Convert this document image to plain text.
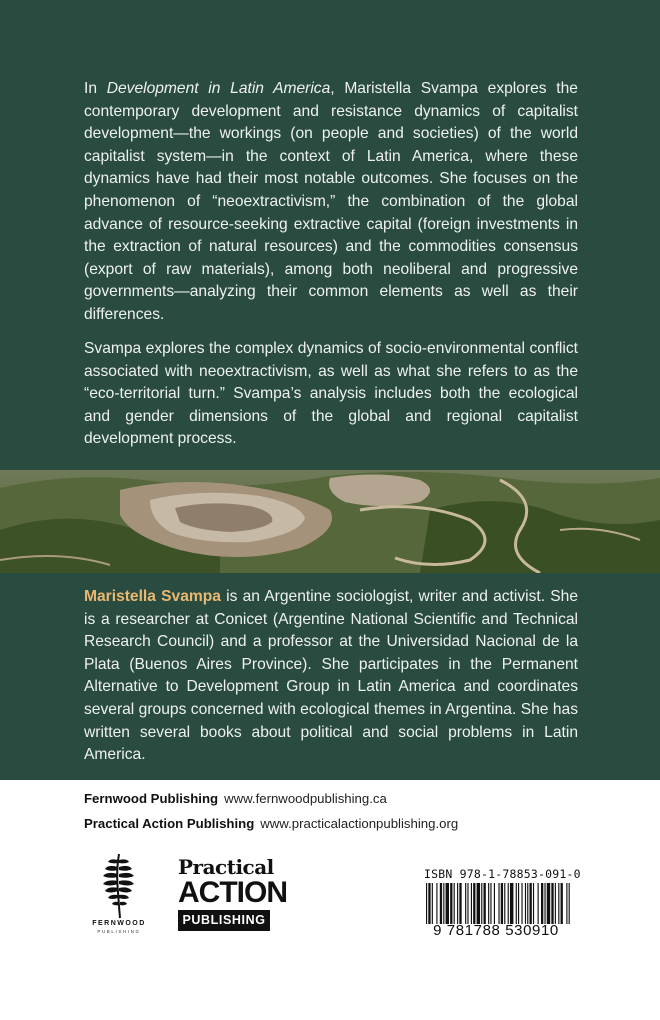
In Development in Latin America, Maristella Svampa explores the contemporary development and resistance dynamics of capitalist development—the workings (on people and societies) of the world capitalist system—in the context of Latin America, where these dynamics have had their most notable outcomes. She focuses on the phenomenon of “neoextractivism,” the combination of the global advance of resource-seeking extractive capital (foreign investments in the extraction of natural resources) and the commodities consensus (export of raw materials), among both neoliberal and progressive governments—analyzing their common elements as well as their differences.

Svampa explores the complex dynamics of socio-environmental conflict associated with neoextractivism, as well as what she refers to as the “eco-territorial turn.” Svampa’s analysis includes both the ecological and gender dimensions of the global and regional capitalist development process.

Maristella Svampa is an Argentine sociologist, writer and activist. She is a researcher at Conicet (Argentine National Scientific and Technical Research Council) and a professor at the Universidad Nacional de la Plata (Buenos Aires Province). She participates in the Permanent Alternative to Development Group in Latin America and coordinates several groups concerned with ecological themes in Argentina. She has written several books about political and social problems in Latin America.

Fernwood Publishing www.fernwoodpublishing.ca
Practical Action Publishing www.practicalactionpublishing.org
FERNWOOD
PUBLISHING
Practical
ACTION
PUBLISHING
ISBN 978-1-78853-091-0
9 781788 530910
